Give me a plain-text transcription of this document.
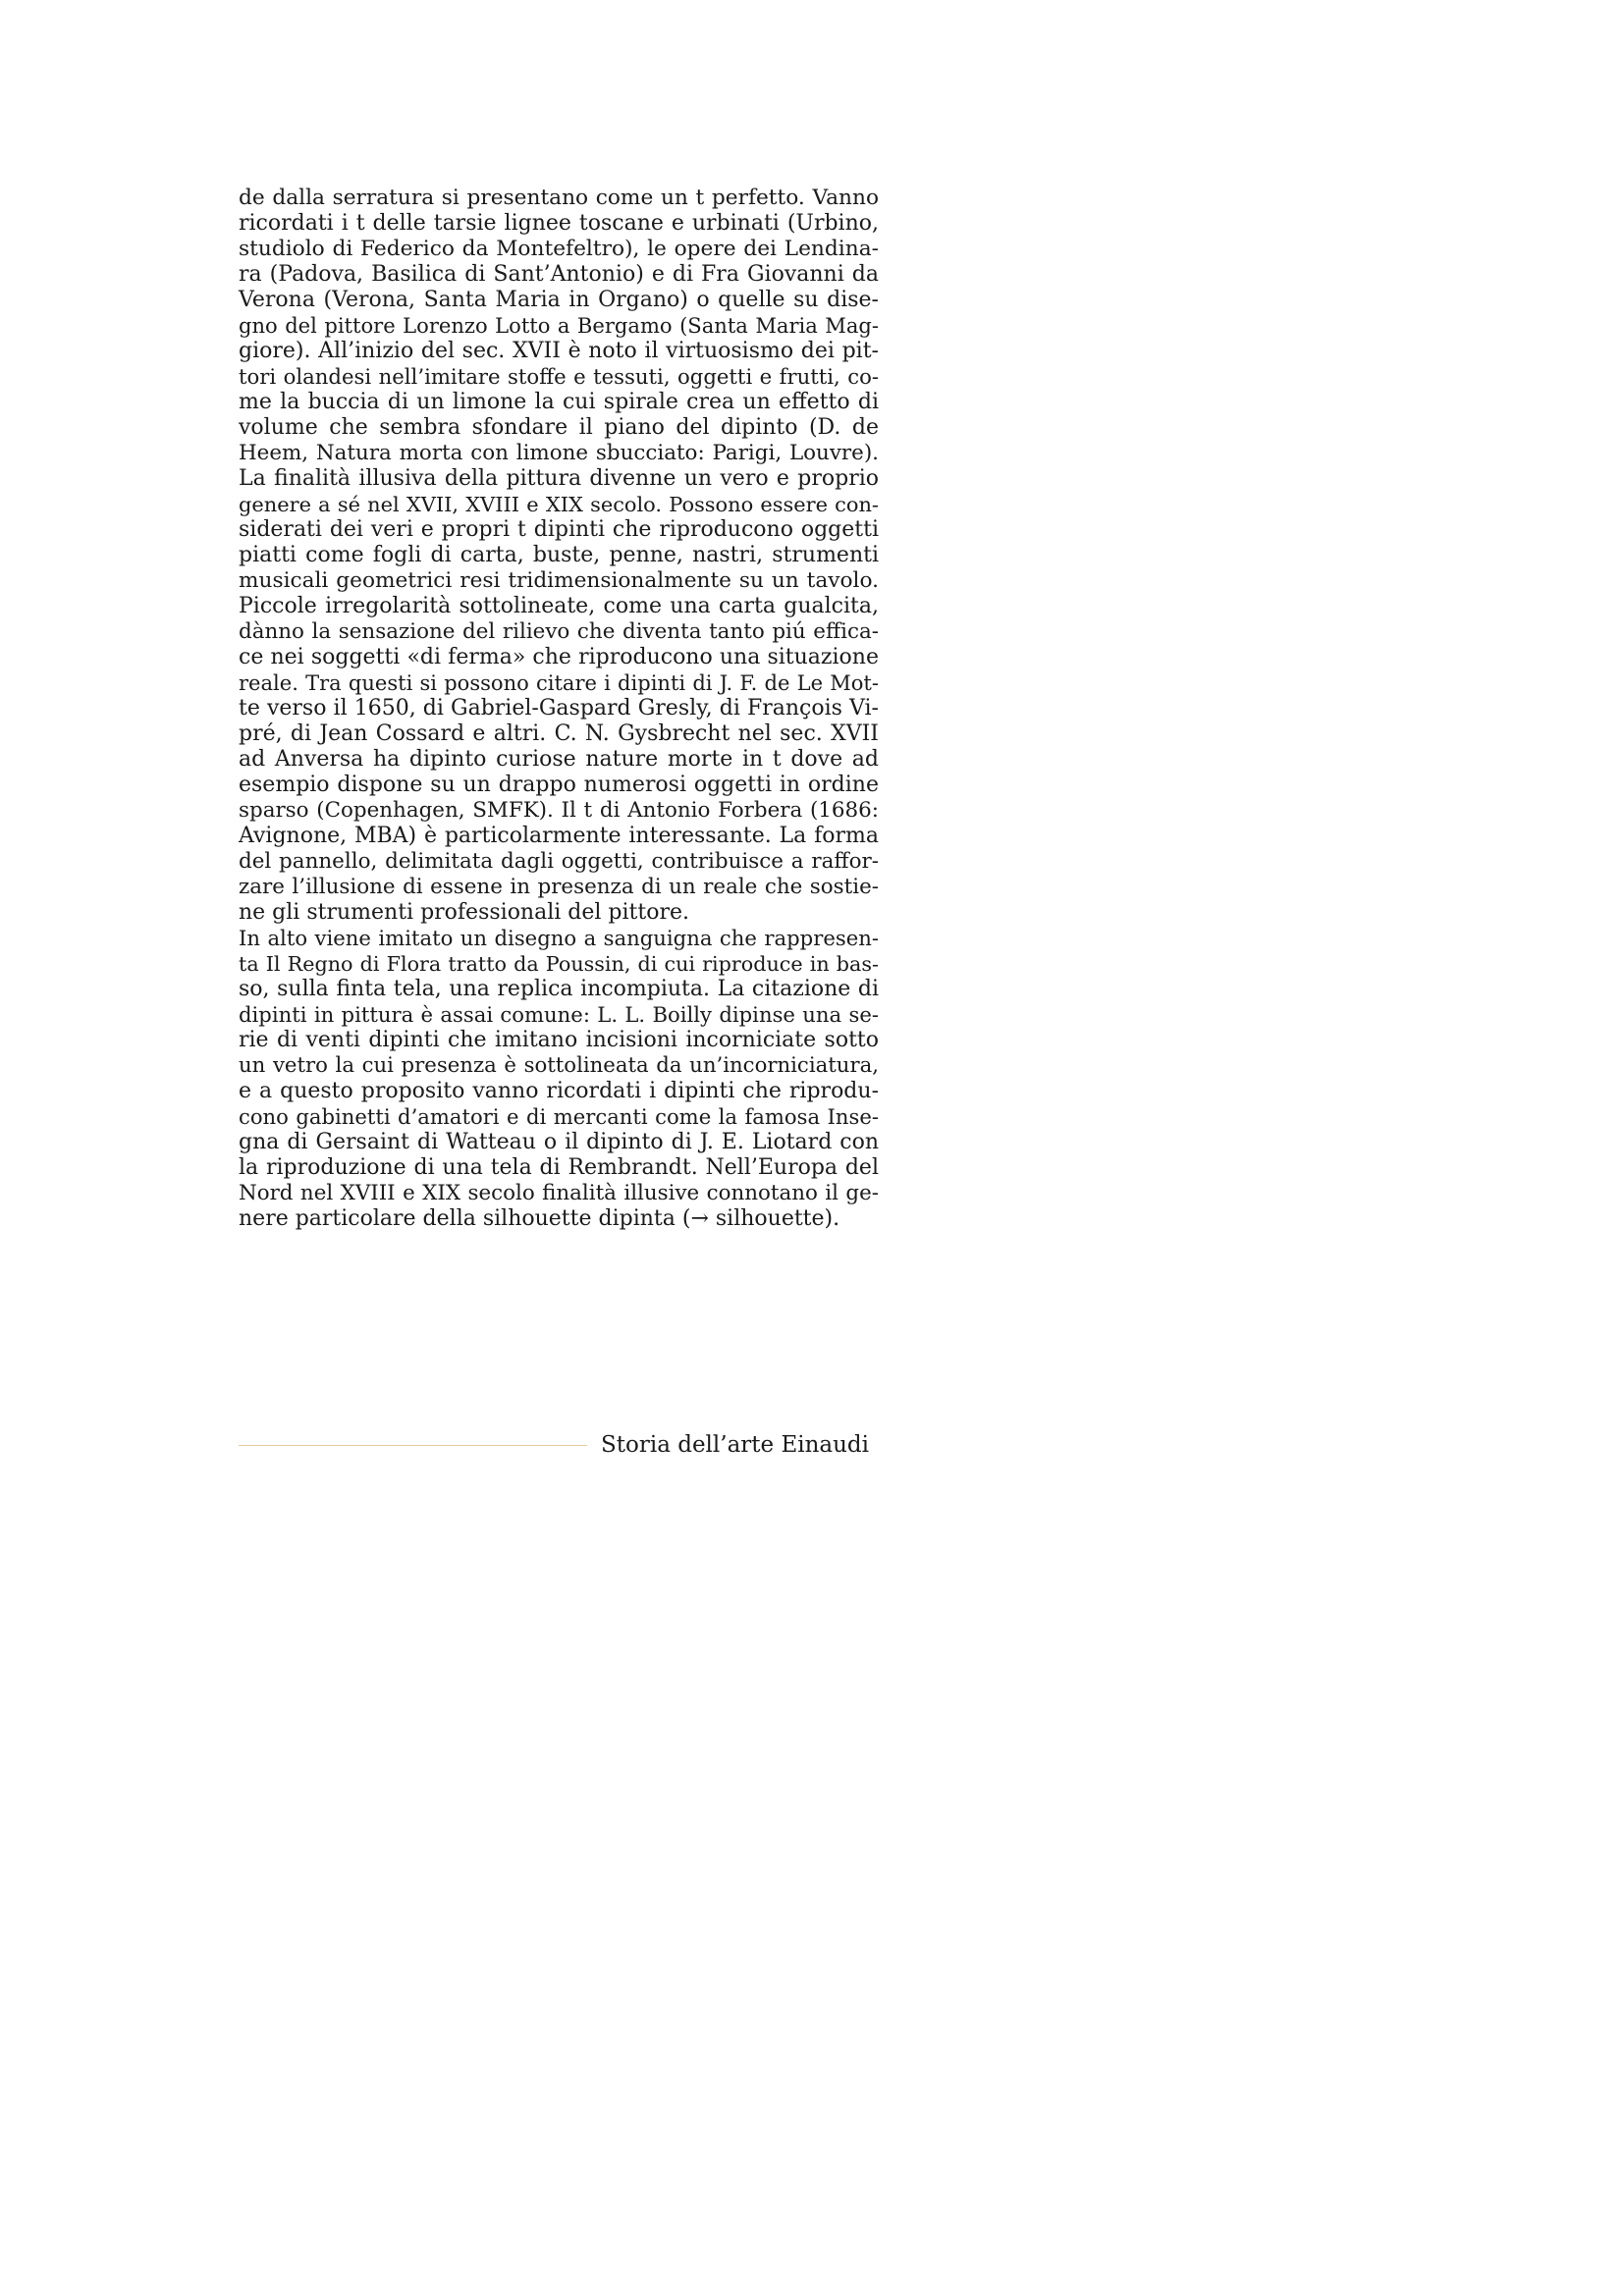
de dalla serratura si presentano come un t perfetto. Vanno
ricordati i t delle tarsie lignee toscane e urbinati (Urbino,
studiolo di Federico da Montefeltro), le opere dei Lendina-
ra (Padova, Basilica di Sant’Antonio) e di Fra Giovanni da
Verona (Verona, Santa Maria in Organo) o quelle su dise-
gno del pittore Lorenzo Lotto a Bergamo (Santa Maria Mag-
giore). All’inizio del sec. XVII è noto il virtuosismo dei pit-
tori olandesi nell’imitare stoffe e tessuti, oggetti e frutti, co-
me la buccia di un limone la cui spirale crea un effetto di
volume che sembra sfondare il piano del dipinto (D. de
Heem, Natura morta con limone sbucciato: Parigi, Louvre).
La finalità illusiva della pittura divenne un vero e proprio
genere a sé nel XVII, XVIII e XIX secolo. Possono essere con-
siderati dei veri e propri t dipinti che riproducono oggetti
piatti come fogli di carta, buste, penne, nastri, strumenti
musicali geometrici resi tridimensionalmente su un tavolo.
Piccole irregolarità sottolineate, come una carta gualcita,
dànno la sensazione del rilievo che diventa tanto piú effica-
ce nei soggetti «di ferma» che riproducono una situazione
reale. Tra questi si possono citare i dipinti di J. F. de Le Mot-
te verso il 1650, di Gabriel-Gaspard Gresly, di François Vi-
pré, di Jean Cossard e altri. C. N. Gysbrecht nel sec. XVII
ad Anversa ha dipinto curiose nature morte in t dove ad
esempio dispone su un drappo numerosi oggetti in ordine
sparso (Copenhagen, SMFK). Il t di Antonio Forbera (1686:
Avignone, MBA) è particolarmente interessante. La forma
del pannello, delimitata dagli oggetti, contribuisce a raffor-
zare l’illusione di essene in presenza di un reale che sostie-
ne gli strumenti professionali del pittore.
In alto viene imitato un disegno a sanguigna che rappresen-
ta Il Regno di Flora tratto da Poussin, di cui riproduce in bas-
so, sulla finta tela, una replica incompiuta. La citazione di
dipinti in pittura è assai comune: L. L. Boilly dipinse una se-
rie di venti dipinti che imitano incisioni incorniciate sotto
un vetro la cui presenza è sottolineata da un’incorniciatura,
e a questo proposito vanno ricordati i dipinti che riprodu-
cono gabinetti d’amatori e di mercanti come la famosa Inse-
gna di Gersaint di Watteau o il dipinto di J. E. Liotard con
la riproduzione di una tela di Rembrandt. Nell’Europa del
Nord nel XVIII e XIX secolo finalità illusive connotano il ge-
nere particolare della silhouette dipinta (→ silhouette).
Storia dell’arte Einaudi
